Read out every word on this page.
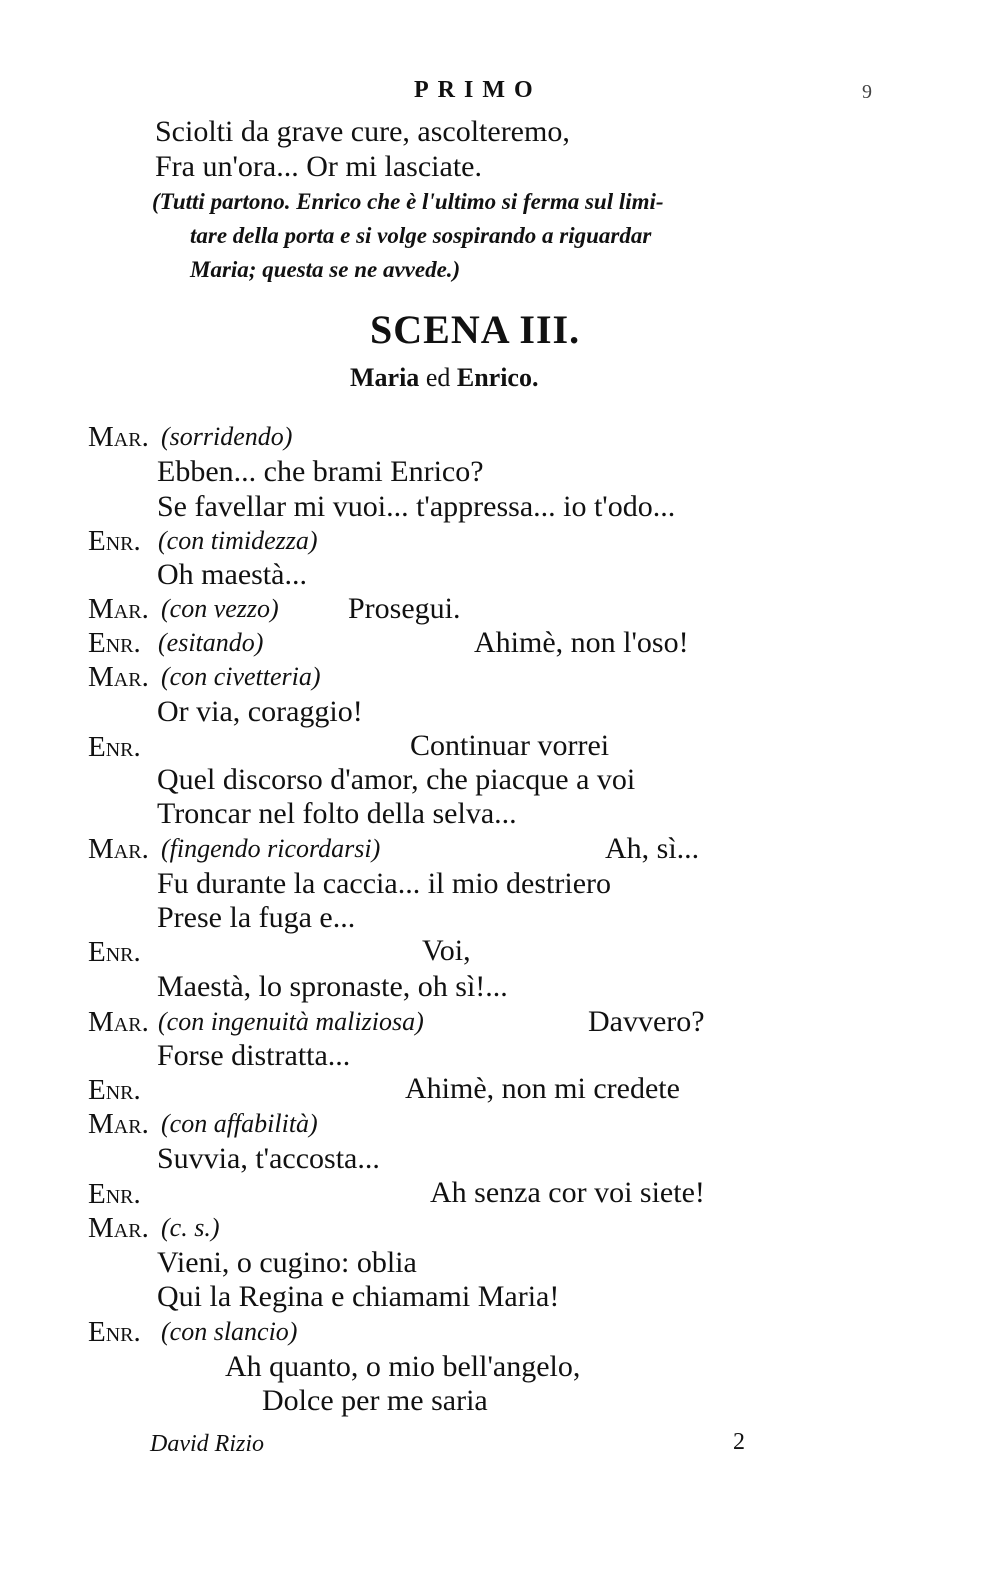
PRIMO	9
Sciolti da grave cure, ascolteremo,
Fra un'ora... Or mi lasciate.
(Tutti partono. Enrico che è l'ultimo si ferma sul limi-
tare della porta e si volge sospirando a riguardar
Maria; questa se ne avvede.)
SCENA III.
Maria ed Enrico.
Mar. (sorridendo)
Ebben... che brami Enrico?
Se favellar mi vuoi... t'appressa... io t'odo...
Enr. (con timidezza)
Oh maestà...
Mar. (con vezzo) Prosegui.
Enr. (esitando)	Ahimè, non l'oso!
Mar. (con civetteria)
Or via, coraggio!
Enr.	Continuar vorrei
Quel discorso d'amor, che piacque a voi
Troncar nel folto della selva...
Mar. (fingendo ricordarsi)	Ah, sì...
Fu durante la caccia... il mio destriero
Prese la fuga e...
Enr.	Voi,
Maestà, lo spronaste, oh sì!...
Mar. (con ingenuità maliziosa)	Davvero?
Forse distratta...
Enr.	Ahimè, non mi credete
Mar. (con affabilità)
Suvvia, t'accosta...
Enr.	Ah senza cor voi siete!
Mar. (c. s.)
Vieni, o cugino: oblia
Qui la Regina e chiamami Maria!
Enr. (con slancio)
Ah quanto, o mio bell'angelo,
Dolce per me saria
David Rizio	2
